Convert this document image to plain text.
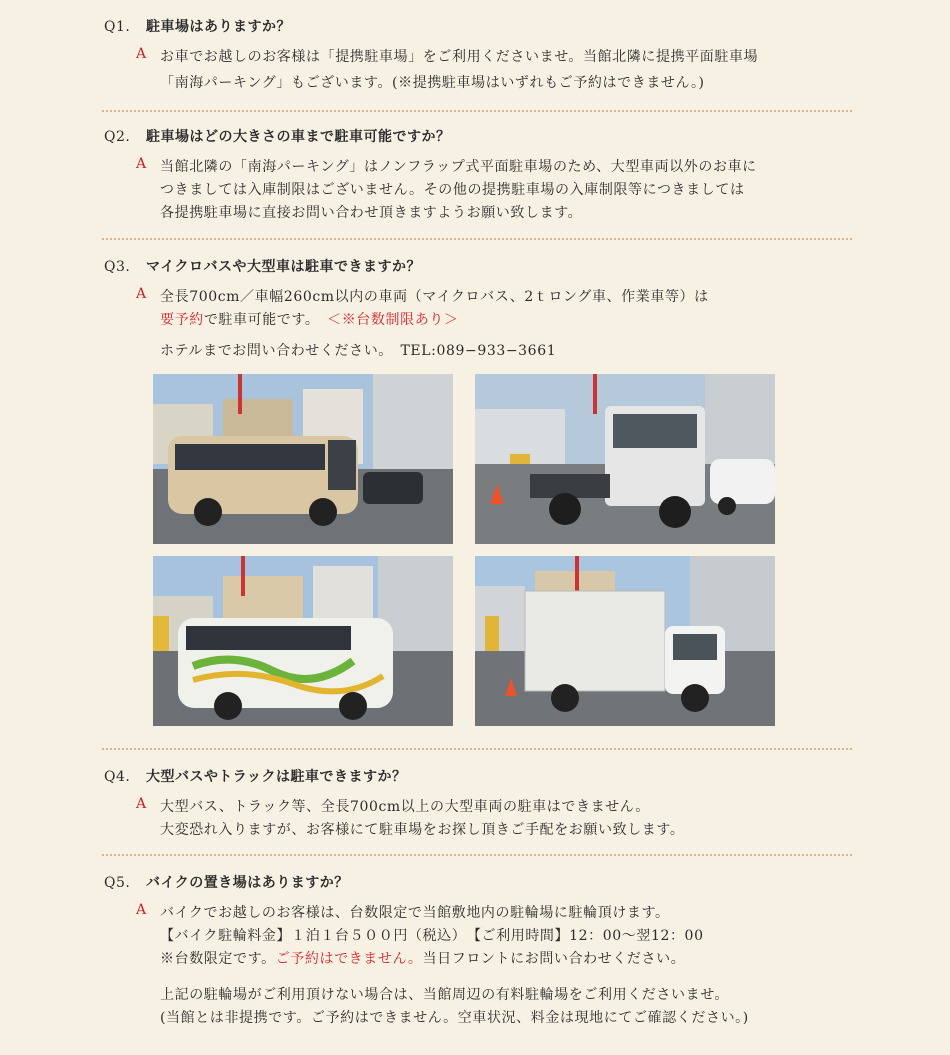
Q1. 駐車場はありますか？
A お車でお越しのお客様は「提携駐車場」をご利用くださいませ。当館北隣に提携平面駐車場
「南海パーキング」もございます。(※提携駐車場はいずれもご予約はできません。)
Q2. 駐車場はどの大きさの車まで駐車可能ですか？
A 当館北隣の「南海パーキング」はノンフラップ式平面駐車場のため、大型車両以外のお車に
つきましては入庫制限はございません。その他の提携駐車場の入庫制限等につきましては
各提携駐車場に直接お問い合わせ頂きますようお願い致します。
Q3. マイクロバスや大型車は駐車できますか？
A 全長700cm／車幅260cm以内の車両（マイクロバス、2ｔロング車、作業車等）は
要予約で駐車可能です。　 ＜※台数制限あり＞
ホテルまでお問い合わせください。　TEL:089−933−3661
Q4. 大型バスやトラックは駐車できますか？
A 大型バス、トラック等、全長700cm以上の大型車両の駐車はできません。
大変恐れ入りますが、お客様にて駐車場をお探し頂きご手配をお願い致します。
Q5. バイクの置き場はありますか？
A バイクでお越しのお客様は、台数限定で当館敷地内の駐輪場に駐輪頂けます。
【バイク駐輪料金】１泊１台５００円（税込）　【ご利用時間】12：00〜翌12：00
※台数限定です。ご予約はできません。当日フロントにお問い合わせください。
上記の駐輪場がご利用頂けない場合は、当館周辺の有料駐輪場をご利用くださいませ。
(当館とは非提携です。ご予約はできません。空車状況、料金は現地にてご確認ください。)
